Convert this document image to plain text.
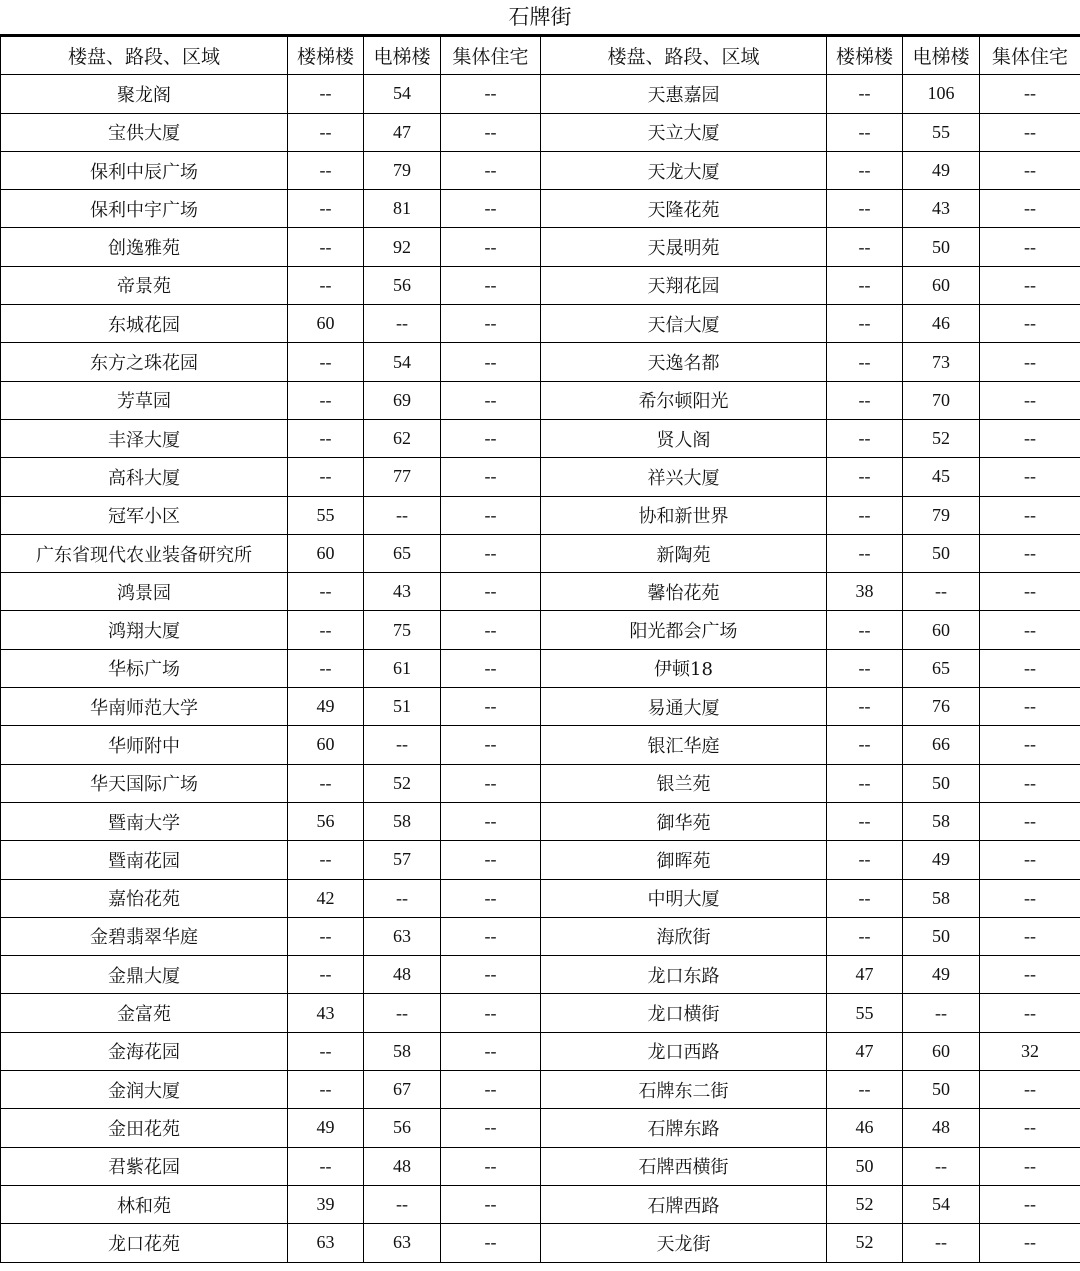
石牌街
楼盘、路段、区域	楼梯楼	电梯楼	集体住宅	楼盘、路段、区域	楼梯楼	电梯楼	集体住宅
聚龙阁	--	54	--	天惠嘉园	--	106	--
宝供大厦	--	47	--	天立大厦	--	55	--
保利中辰广场	--	79	--	天龙大厦	--	49	--
保利中宇广场	--	81	--	天隆花苑	--	43	--
创逸雅苑	--	92	--	天晟明苑	--	50	--
帝景苑	--	56	--	天翔花园	--	60	--
东城花园	60	--	--	天信大厦	--	46	--
东方之珠花园	--	54	--	天逸名都	--	73	--
芳草园	--	69	--	希尔顿阳光	--	70	--
丰泽大厦	--	62	--	贤人阁	--	52	--
高科大厦	--	77	--	祥兴大厦	--	45	--
冠军小区	55	--	--	协和新世界	--	79	--
广东省现代农业装备研究所	60	65	--	新陶苑	--	50	--
鸿景园	--	43	--	馨怡花苑	38	--	--
鸿翔大厦	--	75	--	阳光都会广场	--	60	--
华标广场	--	61	--	伊顿18	--	65	--
华南师范大学	49	51	--	易通大厦	--	76	--
华师附中	60	--	--	银汇华庭	--	66	--
华天国际广场	--	52	--	银兰苑	--	50	--
暨南大学	56	58	--	御华苑	--	58	--
暨南花园	--	57	--	御晖苑	--	49	--
嘉怡花苑	42	--	--	中明大厦	--	58	--
金碧翡翠华庭	--	63	--	海欣街	--	50	--
金鼎大厦	--	48	--	龙口东路	47	49	--
金富苑	43	--	--	龙口横街	55	--	--
金海花园	--	58	--	龙口西路	47	60	32
金润大厦	--	67	--	石牌东二街	--	50	--
金田花苑	49	56	--	石牌东路	46	48	--
君紫花园	--	48	--	石牌西横街	50	--	--
林和苑	39	--	--	石牌西路	52	54	--
龙口花苑	63	63	--	天龙街	52	--	--
